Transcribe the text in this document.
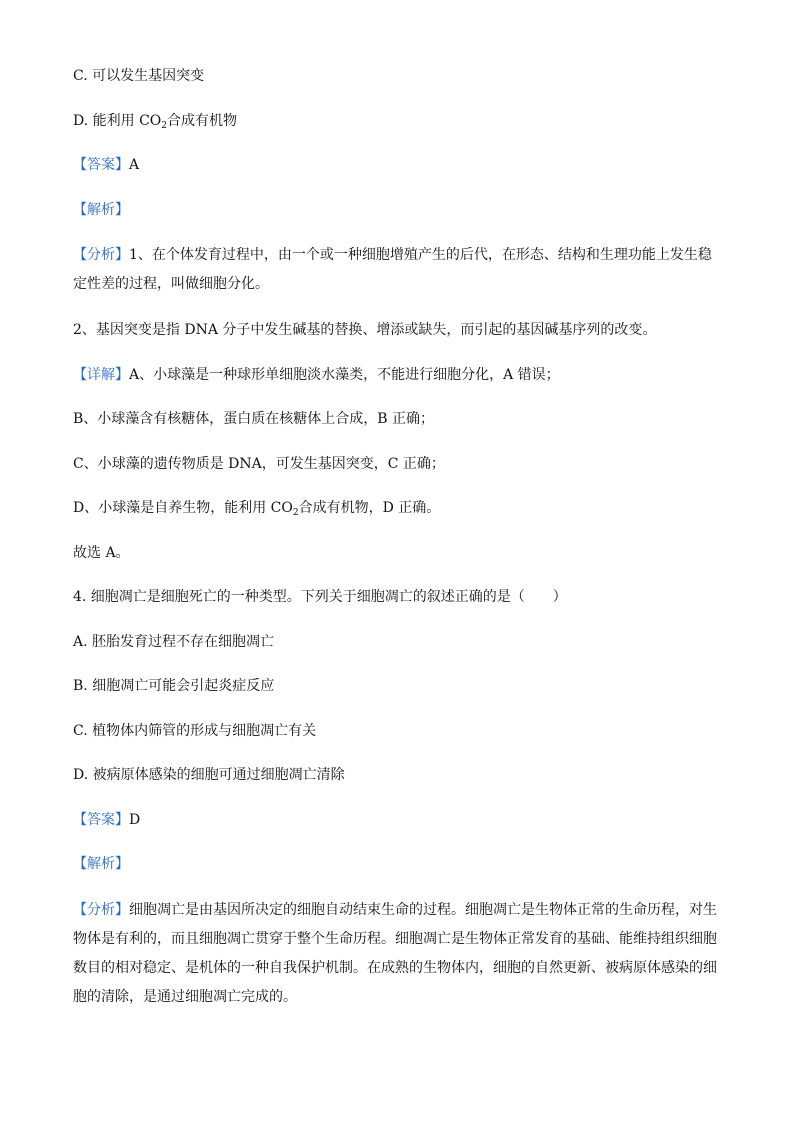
C. 可以发生基因突变
D. 能利用 $CO_2$合成有机物
【答案】A
【解析】
【分析】1、在个体发育过程中，由一个或一种细胞增殖产生的后代，在形态、结构和生理功能上发生稳
定性差的过程，叫做细胞分化。
2、基因突变是指 DNA 分子中发生碱基的替换、增添或缺失，而引起的基因碱基序列的改变。
【详解】A、小球藻是一种球形单细胞淡水藻类，不能进行细胞分化，A 错误；
B、小球藻含有核糖体，蛋白质在核糖体上合成，B 正确；
C、小球藻的遗传物质是 DNA，可发生基因突变，C 正确；
D、小球藻是自养生物，能利用 $CO_2$合成有机物，D 正确。
故选 A。
4. 细胞凋亡是细胞死亡的一种类型。下列关于细胞凋亡的叙述正确的是（　　）
A. 胚胎发育过程不存在细胞凋亡
B. 细胞凋亡可能会引起炎症反应
C. 植物体内筛管的形成与细胞凋亡有关
D. 被病原体感染的细胞可通过细胞凋亡清除
【答案】D
【解析】
【分析】细胞凋亡是由基因所决定的细胞自动结束生命的过程。细胞凋亡是生物体正常的生命历程，对生
物体是有利的，而且细胞凋亡贯穿于整个生命历程。细胞凋亡是生物体正常发育的基础、能维持组织细胞
数目的相对稳定、是机体的一种自我保护机制。在成熟的生物体内，细胞的自然更新、被病原体感染的细
胞的清除，是通过细胞凋亡完成的。
